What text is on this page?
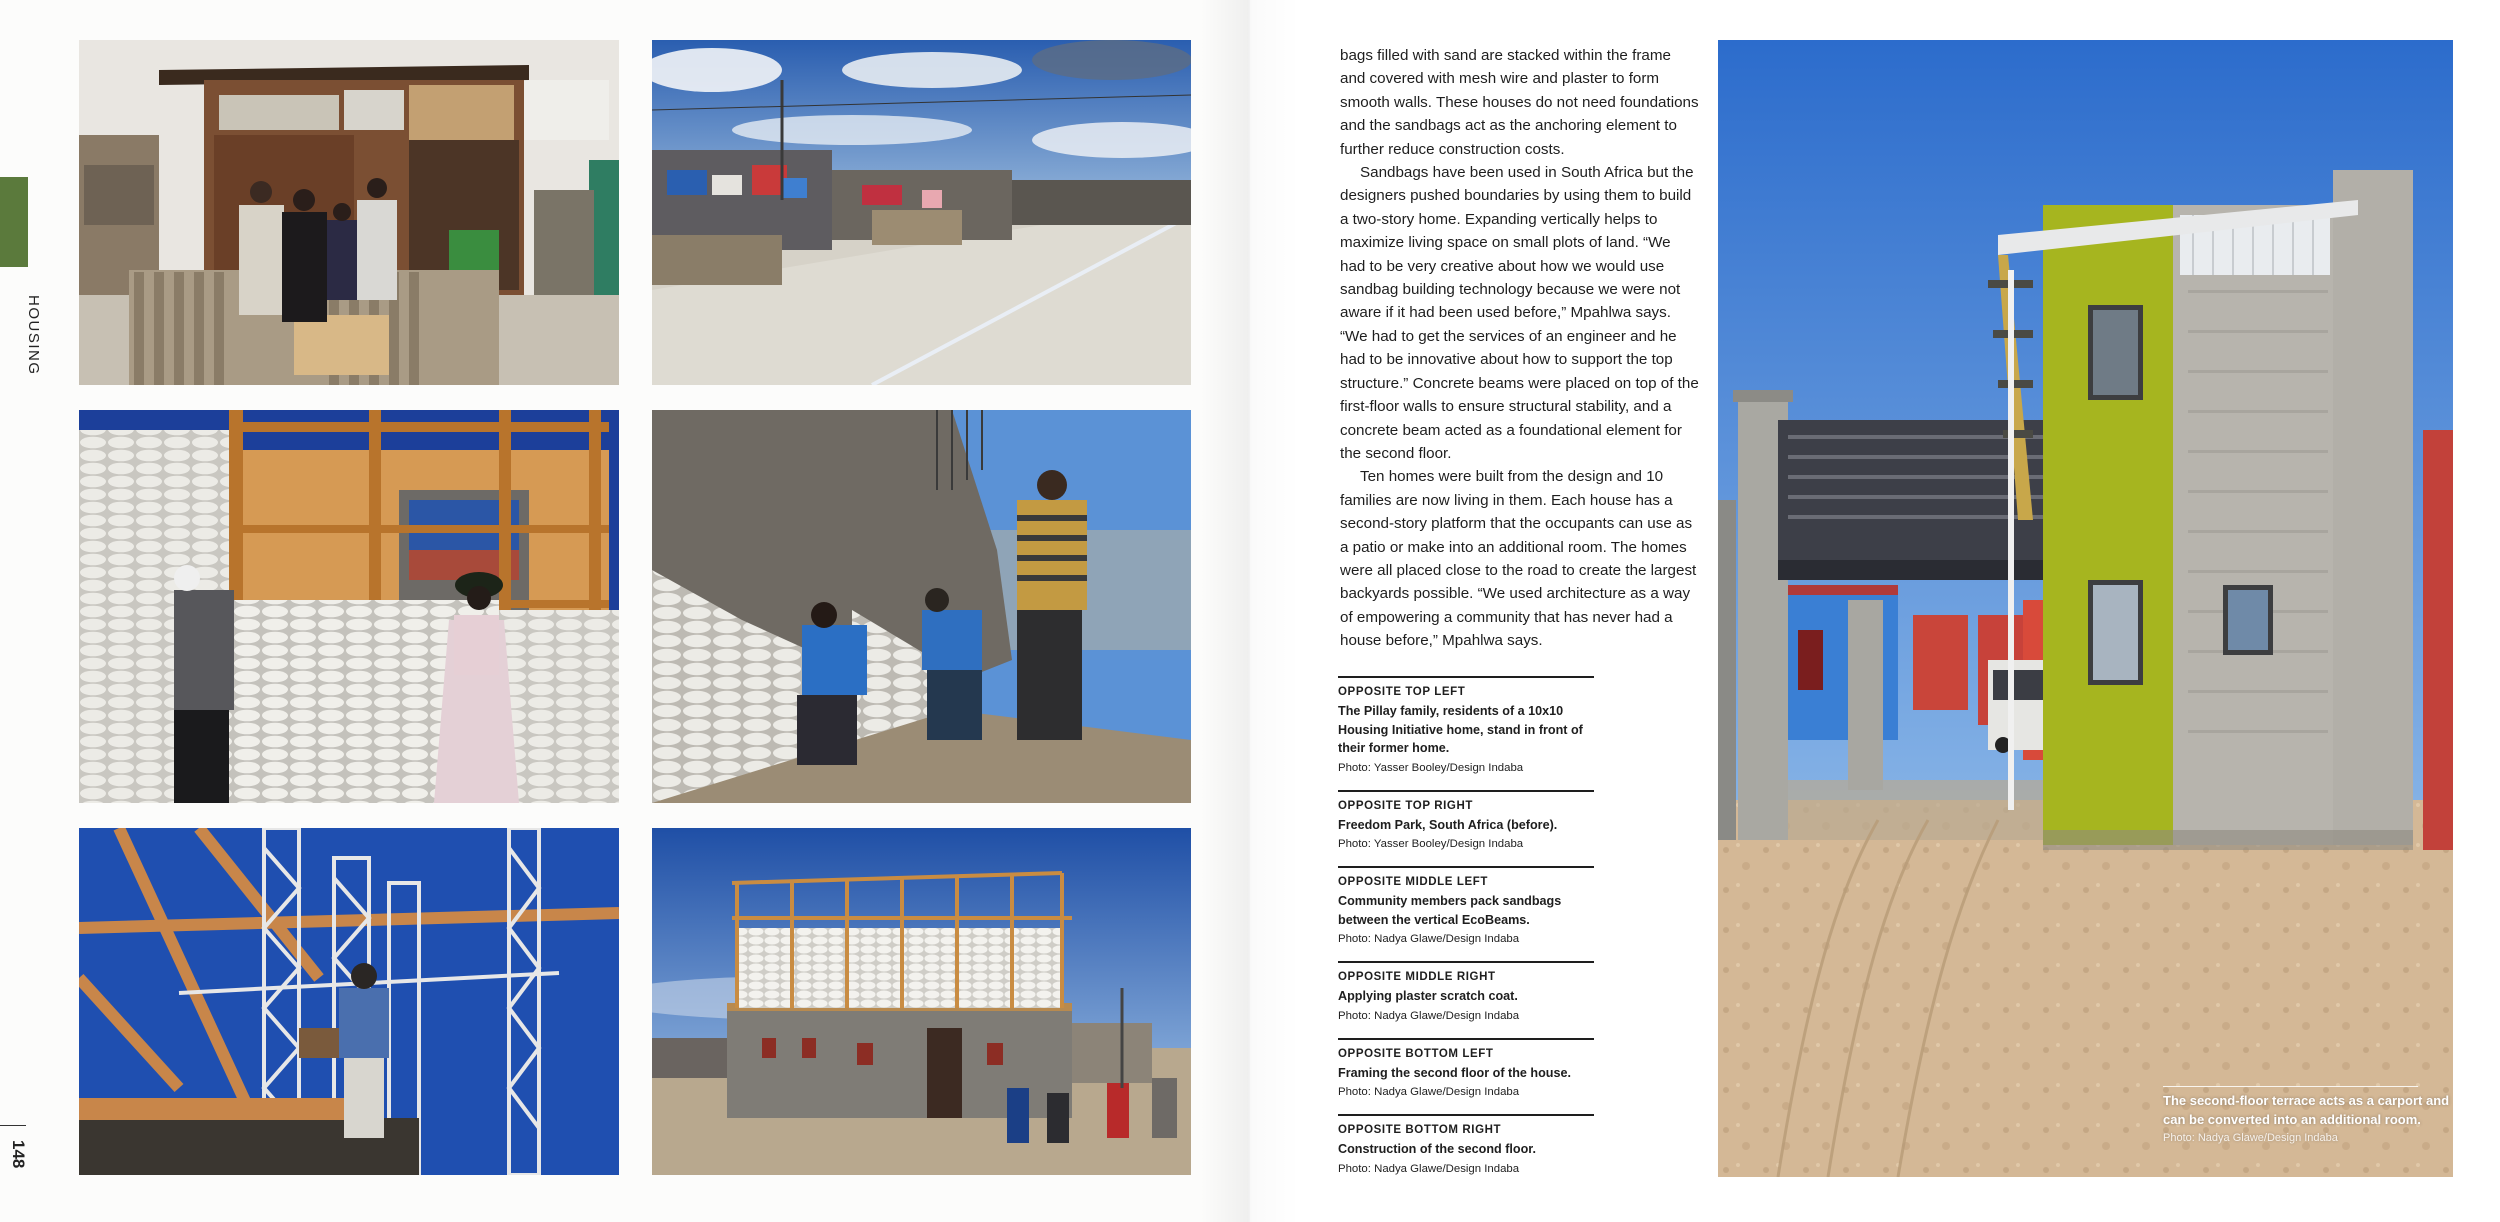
HOUSING
148

bags filled with sand are stacked within the frame and covered with mesh wire and plaster to form smooth walls. These houses do not need foundations and the sandbags act as the anchoring element to further reduce construction costs.

Sandbags have been used in South Africa but the designers pushed boundaries by using them to build a two-story home. Expanding vertically helps to maximize living space on small plots of land. “We had to be very creative about how we would use sandbag building technology because we were not aware if it had been used before,” Mpahlwa says. “We had to get the services of an engineer and he had to be innovative about how to support the top structure.” Concrete beams were placed on top of the first-floor walls to ensure structural stability, and a concrete beam acted as a foundational element for the second floor.

Ten homes were built from the design and 10 families are now living in them. Each house has a second-story platform that the occupants can use as a patio or make into an additional room. The homes were all placed close to the road to create the largest backyards possible. “We used architecture as a way of empowering a community that has never had a house before,” Mpahlwa says.

OPPOSITE TOP LEFT
The Pillay family, residents of a 10x10 Housing Initiative home, stand in front of their former home.
Photo: Yasser Booley/Design Indaba
OPPOSITE TOP RIGHT
Freedom Park, South Africa (before).
Photo: Yasser Booley/Design Indaba
OPPOSITE MIDDLE LEFT
Community members pack sandbags between the vertical EcoBeams.
Photo: Nadya Glawe/Design Indaba
OPPOSITE MIDDLE RIGHT
Applying plaster scratch coat.
Photo: Nadya Glawe/Design Indaba
OPPOSITE BOTTOM LEFT
Framing the second floor of the house.
Photo: Nadya Glawe/Design Indaba
OPPOSITE BOTTOM RIGHT
Construction of the second floor.
Photo: Nadya Glawe/Design Indaba
The second-floor terrace acts as a carport and can be converted into an additional room.
Photo: Nadya Glawe/Design Indaba
